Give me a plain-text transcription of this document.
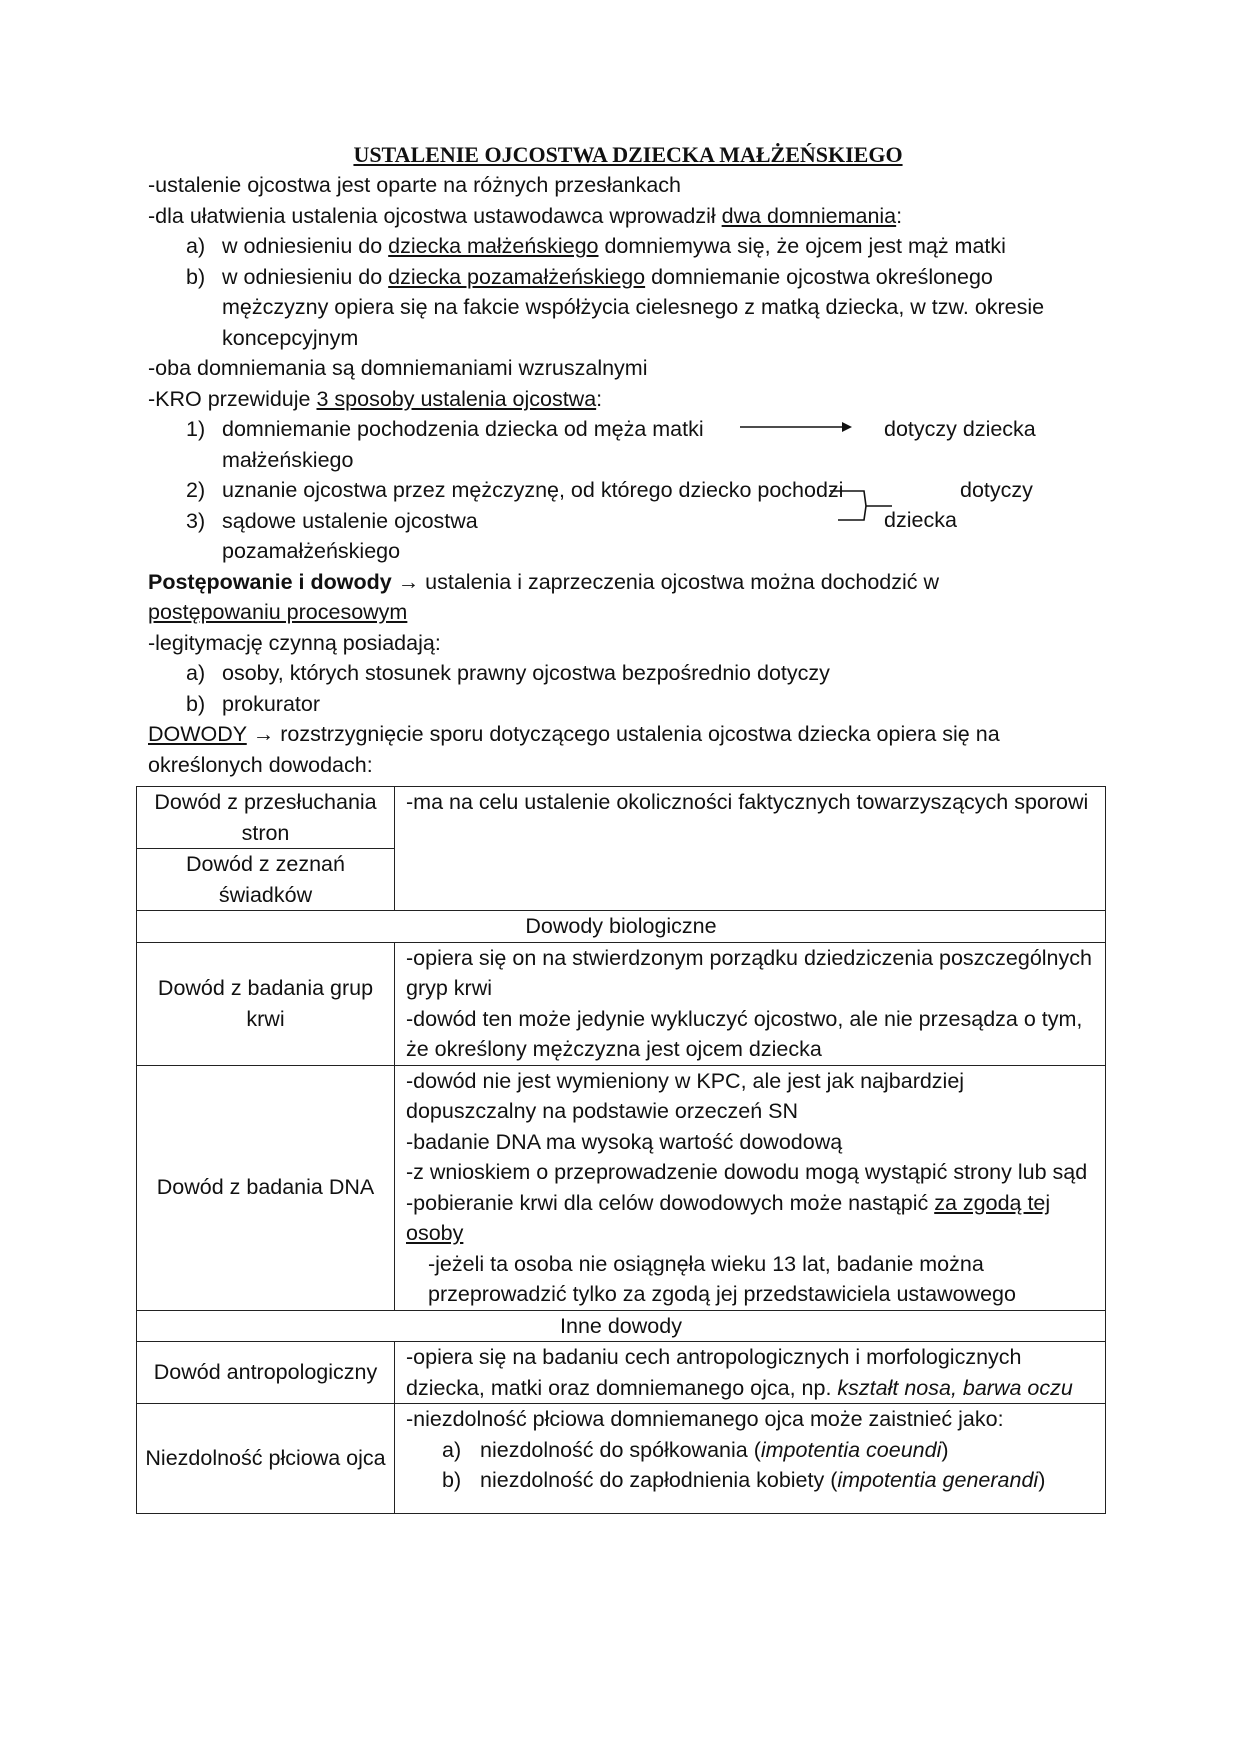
USTALENIE OJCOSTWA DZIECKA MAŁŻEŃSKIEGO
-ustalenie ojcostwa jest oparte na różnych przesłankach
-dla ułatwienia ustalenia ojcostwa ustawodawca wprowadził dwa domniemania:
a) w odniesieniu do dziecka małżeńskiego domniemywa się, że ojcem jest mąż matki
b) w odniesieniu do dziecka pozamałżeńskiego domniemanie ojcostwa określonego
mężczyzny opiera się na fakcie współżycia cielesnego z matką dziecka, w tzw. okresie
koncepcyjnym
-oba domniemania są domniemaniami wzruszalnymi
-KRO przewiduje 3 sposoby ustalenia ojcostwa:
1) domniemanie pochodzenia dziecka od męża matki
małżeńskiego
2) uznanie ojcostwa przez mężczyznę, od którego dziecko pochodzi
3) sądowe ustalenie ojcostwa
pozamałżeńskiego
dotyczy dziecka
dotyczy
dziecka
Postępowanie i dowody → ustalenia i zaprzeczenia ojcostwa można dochodzić w
postępowaniu procesowym
-legitymację czynną posiadają:
a) osoby, których stosunek prawny ojcostwa bezpośrednio dotyczy
b) prokurator
DOWODY → rozstrzygnięcie sporu dotyczącego ustalenia ojcostwa dziecka opiera się na
określonych dowodach:
Dowód z przesłuchania stron	-ma na celu ustalenie okoliczności faktycznych towarzyszących sporowi
Dowód z zeznań świadków	
Dowody biologiczne	
Dowód z badania grup krwi	-opiera się on na stwierdzonym porządku dziedziczenia poszczególnych gryp krwi
-dowód ten może jedynie wykluczyć ojcostwo, ale nie przesądza o tym, że określony mężczyzna jest ojcem dziecka

Dowód z badania DNA	-dowód nie jest wymieniony w KPC, ale jest jak najbardziej dopuszczalny na podstawie orzeczeń SN
-badanie DNA ma wysoką wartość dowodową
-z wnioskiem o przeprowadzenie dowodu mogą wystąpić strony lub sąd
-pobieranie krwi dla celów dowodowych może nastąpić za zgodą tej osoby
-jeżeli ta osoba nie osiągnęła wieku 13 lat, badanie można przeprowadzić tylko za zgodą jej przedstawiciela ustawowego

Inne dowody	
Dowód antropologiczny	-opiera się na badaniu cech antropologicznych i morfologicznych dziecka, matki oraz domniemanego ojca, np. kształt nosa, barwa oczu
Niezdolność płciowa ojca	-niezdolność płciowa domniemanego ojca może zaistnieć jako:
a) niezdolność do spółkowania (impotentia coeundi)
b) niezdolność do zapłodnienia kobiety (impotentia generandi)
